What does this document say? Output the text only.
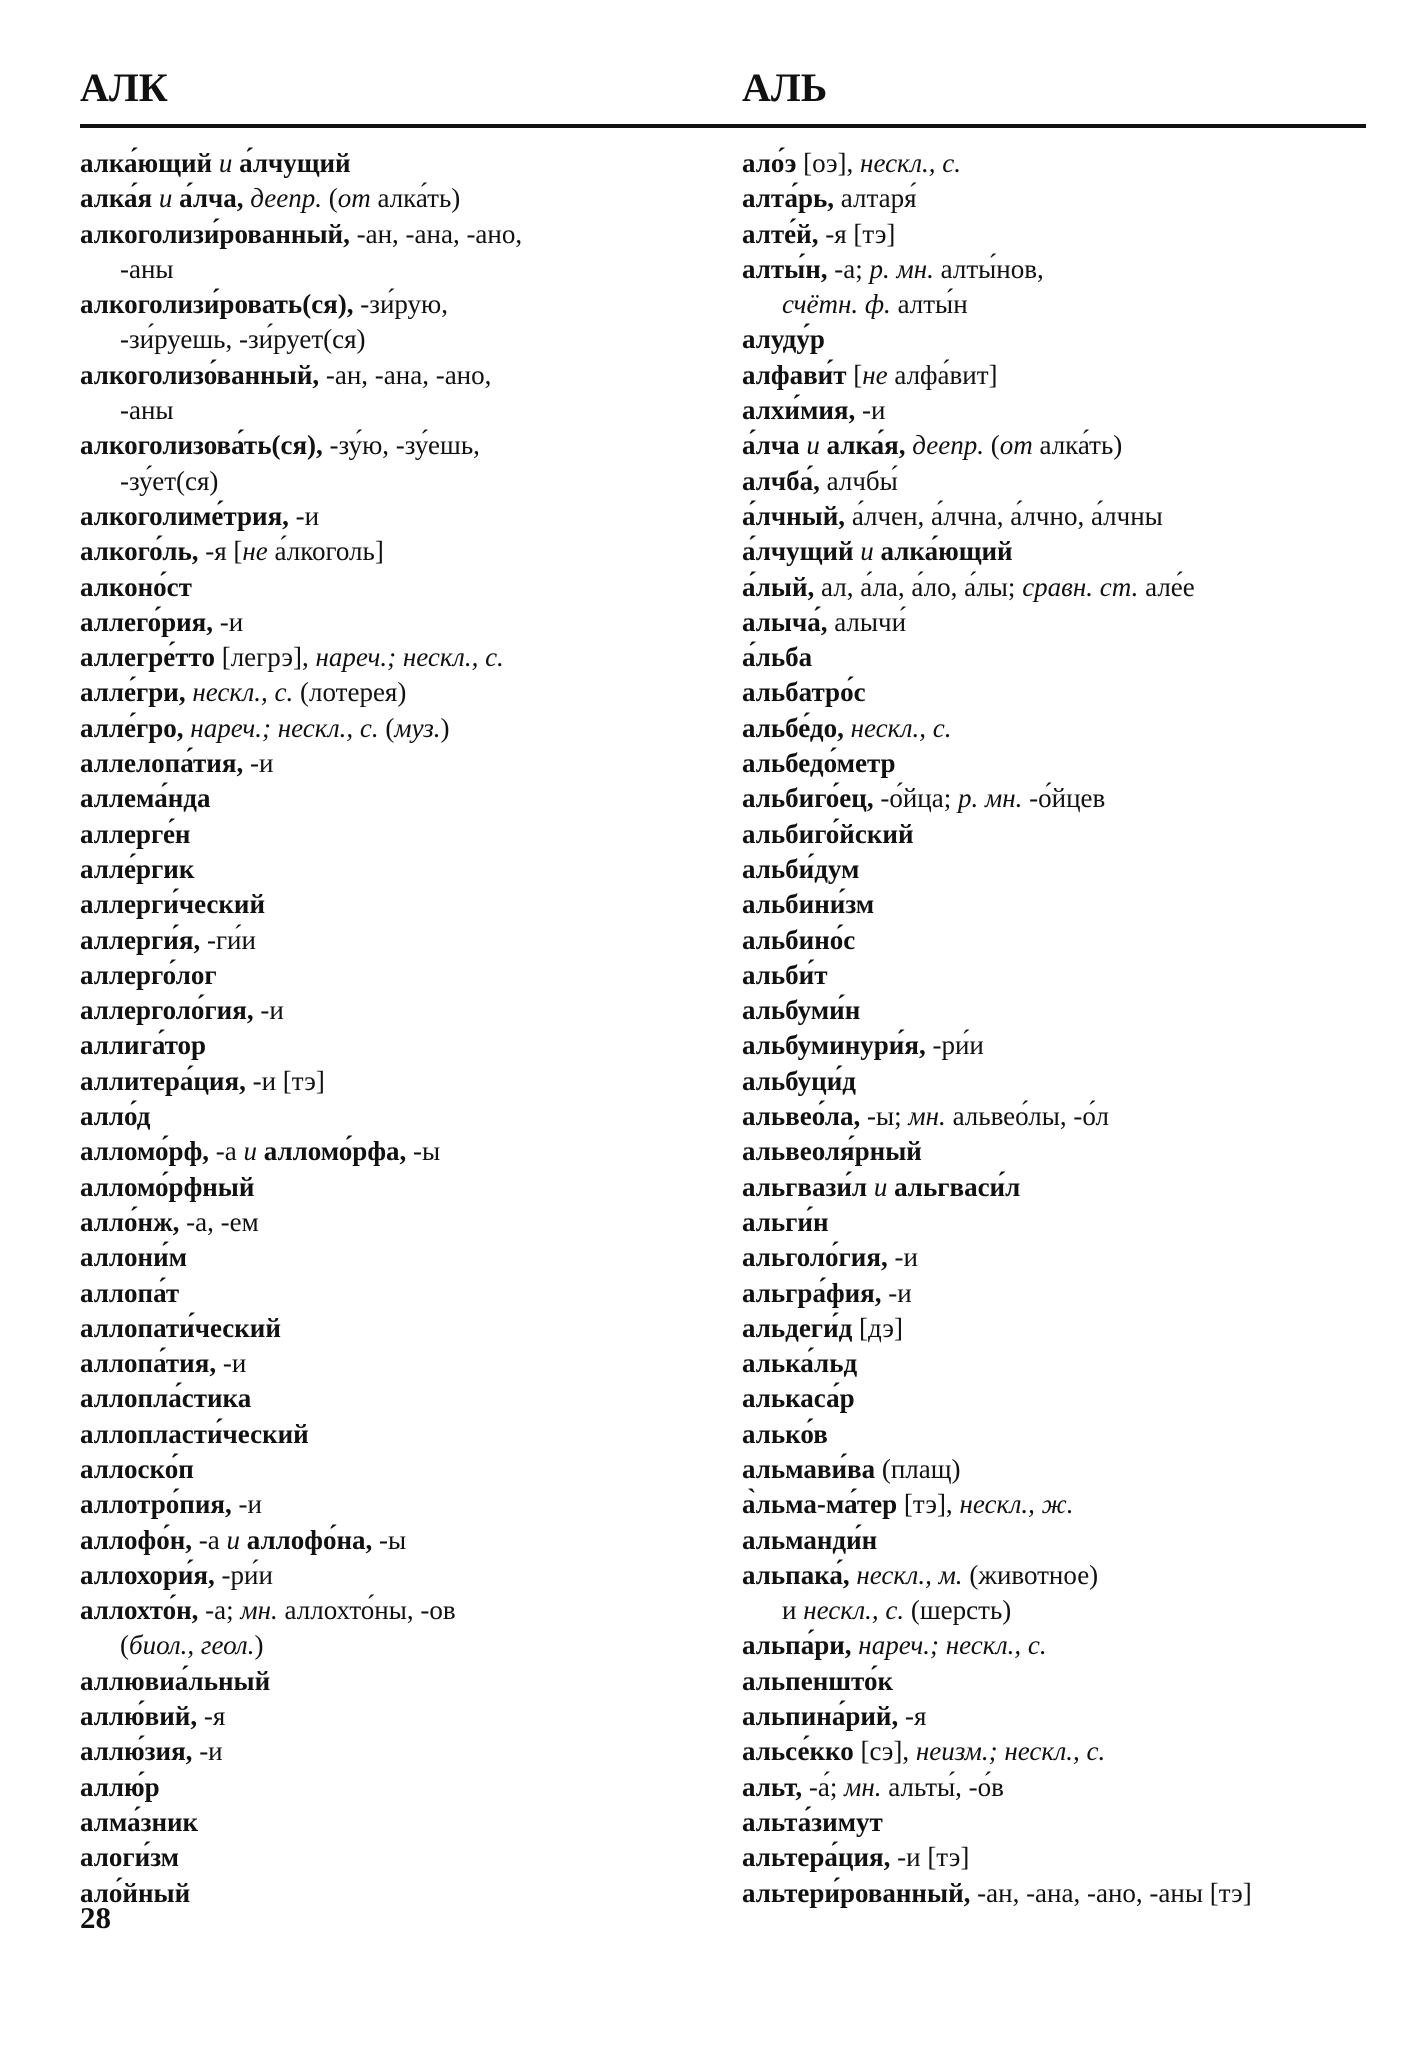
АЛК	АЛЬ
алка́ющий и а́лчущий
алка́я и а́лча, деепр. (от алка́ть)
алкоголизи́рованный, -ан, -ана, -ано,
-аны
алкоголизи́ровать(ся), -зи́рую,
-зи́руешь, -зи́рует(ся)
алкоголизо́ванный, -ан, -ана, -ано,
-аны
алкоголизова́ть(ся), -зу́ю, -зу́ешь,
-зу́ет(ся)
алкоголиме́трия, -и
алкого́ль, -я [не а́лкоголь]
алконо́ст
аллего́рия, -и
аллегре́тто [легрэ], нареч.; нескл., с.
алле́гри, нескл., с. (лотерея)
алле́гро, нареч.; нескл., с. (муз.)
аллелопа́тия, -и
аллема́нда
аллерге́н
алле́ргик
аллерги́ческий
аллерги́я, -ги́и
аллерго́лог
аллерголо́гия, -и
аллига́тор
аллитера́ция, -и [тэ]
алло́д
алломо́рф, -а и алломо́рфа, -ы
алломо́рфный
алло́нж, -а, -ем
аллони́м
аллопа́т
аллопати́ческий
аллопа́тия, -и
аллопла́стика
аллопласти́ческий
аллоско́п
аллотро́пия, -и
аллофо́н, -а и аллофо́на, -ы
аллохори́я, -ри́и
аллохто́н, -а; мн. аллохто́ны, -ов
(биол., геол.)
аллювиа́льный
аллю́вий, -я
аллю́зия, -и
аллю́р
алма́зник
алоги́зм
ало́йный
ало́э [оэ], нескл., с.
алта́рь, алтаря́
алте́й, -я [тэ]
алты́н, -а; р. мн. алты́нов,
счётн. ф. алты́н
алуду́р
алфави́т [не алфа́вит]
алхи́мия, -и
а́лча и алка́я, деепр. (от алка́ть)
алчба́, алчбы́
а́лчный, а́лчен, а́лчна, а́лчно, а́лчны
а́лчущий и алка́ющий
а́лый, ал, а́ла, а́ло, а́лы; сравн. ст. але́е
алыча́, алычи́
а́льба
альбатро́с
альбе́до, нескл., с.
альбедо́метр
альбиго́ец, -о́йца; р. мн. -о́йцев
альбиго́йский
альби́дум
альбини́зм
альбино́с
альби́т
альбуми́н
альбуминури́я, -ри́и
альбуци́д
альвео́ла, -ы; мн. альвео́лы, -о́л
альвеоля́рный
альгвази́л и альгваси́л
альги́н
альголо́гия, -и
альгра́фия, -и
альдеги́д [дэ]
алька́льд
алькаса́р
алько́в
альмави́ва (плащ)
а̀льма-ма́тер [тэ], нескл., ж.
альманди́н
альпака́, нескл., м. (животное)
и нескл., с. (шерсть)
альпа́ри, нареч.; нескл., с.
альпеншто́к
альпина́рий, -я
альсе́кко [сэ], неизм.; нескл., с.
альт, -а́; мн. альты́, -о́в
альта́зимут
альтера́ция, -и [тэ]
альтери́рованный, -ан, -ана, -ано, -аны [тэ]
28
